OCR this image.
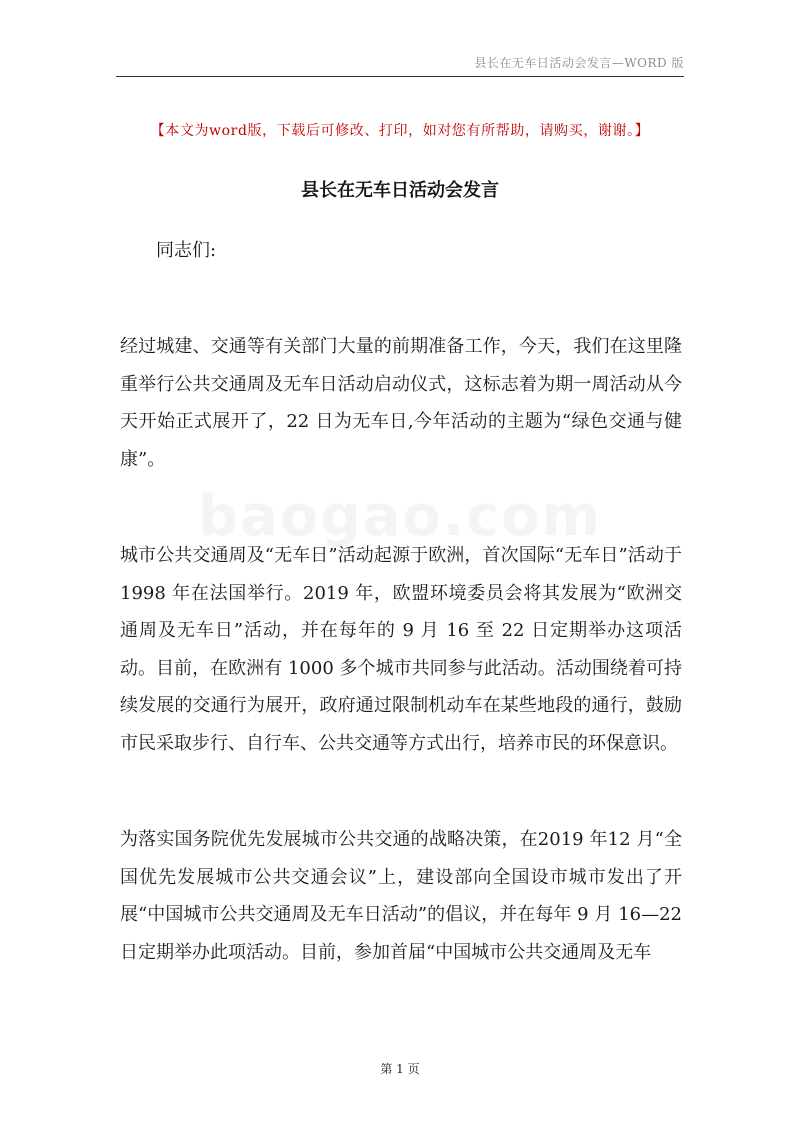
县长在无车日活动会发言—WORD 版
【本文为word版，下载后可修改、打印，如对您有所帮助，请购买，谢谢。】
县长在无车日活动会发言
baogao.com

同志们:

经过城建、交通等有关部门大量的前期准备工作，今天，我们在这里隆重举行公共交通周及无车日活动启动仪式，这标志着为期一周活动从今天开始正式展开了，22 日为无车日,今年活动的主题为“绿色交通与健康”。

城市公共交通周及“无车日”活动起源于欧洲，首次国际“无车日”活动于 1998 年在法国举行。2019 年，欧盟环境委员会将其发展为“欧洲交通周及无车日”活动，并在每年的 9 月 16 至 22 日定期举办这项活动。目前，在欧洲有 1000 多个城市共同参与此活动。活动围绕着可持续发展的交通行为展开，政府通过限制机动车在某些地段的通行，鼓励市民采取步行、自行车、公共交通等方式出行，培养市民的环保意识。

为落实国务院优先发展城市公共交通的战略决策，在2019 年12 月“全国优先发展城市公共交通会议”上，建设部向全国设市城市发出了开展“中国城市公共交通周及无车日活动”的倡议，并在每年 9 月 16—22 日定期举办此项活动。目前，参加首届“中国城市公共交通周及无车

第 1 页
